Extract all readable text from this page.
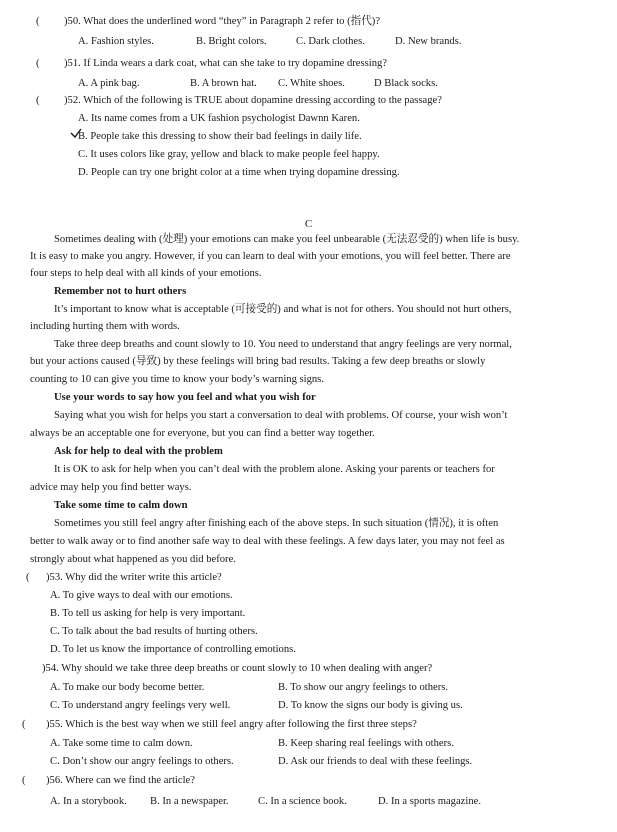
( )50. What does the underlined word “they” in Paragraph 2 refer to (指代)?
A. Fashion styles.	B. Bright colors.	C. Dark clothes.	D. New brands.
( )51. If Linda wears a dark coat, what can she take to try dopamine dressing?
A. A pink bag.	B. A brown hat. C. White shoes.	D Black socks.
( )52. Which of the following is TRUE about dopamine dressing according to the passage?
A. Its name comes from a UK fashion psychologist Dawnn Karen.
B. People take this dressing to show their bad feelings in daily life.
C. It uses colors like gray, yellow and black to make people feel happy.
D. People can try one bright color at a time when trying dopamine dressing.
C
Sometimes dealing with (处理) your emotions can make you feel unbearable (无法忍受的) when life is busy.
It is easy to make you angry. However, if you can learn to deal with your emotions, you will feel better. There are
four steps to help deal with all kinds of your emotions.
Remember not to hurt others
It’s important to know what is acceptable (可接受的) and what is not for others. You should not hurt others,
including hurting them with words.
Take three deep breaths and count slowly to 10. You need to understand that angry feelings are very normal,
but your actions caused (导致) by these feelings will bring bad results. Taking a few deep breaths or slowly
counting to 10 can give you time to know your body’s warning signs.
Use your words to say how you feel and what you wish for
Saying what you wish for helps you start a conversation to deal with problems. Of course, your wish won’t
always be an acceptable one for everyone, but you can find a better way together.
Ask for help to deal with the problem
It is OK to ask for help when you can’t deal with the problem alone. Asking your parents or teachers for
advice may help you find better ways.
Take some time to calm down
Sometimes you still feel angry after finishing each of the above steps. In such situation (情况), it is often
better to walk away or to find another safe way to deal with these feelings. A few days later, you may not feel as
strongly about what happened as you did before.
( )53. Why did the writer write this article?
A. To give ways to deal with our emotions.
B. To tell us asking for help is very important.
C. To talk about the bad results of hurting others.
D. To let us know the importance of controlling emotions.
)54. Why should we take three deep breaths or count slowly to 10 when dealing with anger?
A. To make our body become better.	B. To show our angry feelings to others.
C. To understand angry feelings very well.	D. To know the signs our body is giving us.
( )55. Which is the best way when we still feel angry after following the first three steps?
A. Take some time to calm down.	B. Keep sharing real feelings with others.
C. Don’t show our angry feelings to others.	D. Ask our friends to deal with these feelings.
( )56. Where can we find the article?
A. In a storybook. B. In a newspaper.	C. In a science book.	D. In a sports magazine.
